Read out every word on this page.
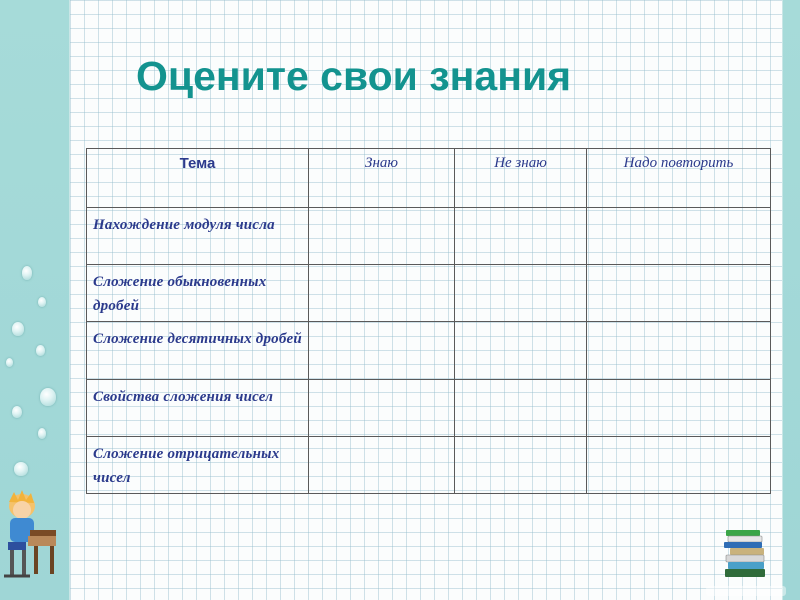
Оцените свои знания
Тема	Знаю	Не знаю	Надо повторить
Нахождение модуля числа			
Сложение обыкновенных дробей			
Сложение десятичных дробей			
Свойства сложения чисел			
Сложение отрицательных чисел			
